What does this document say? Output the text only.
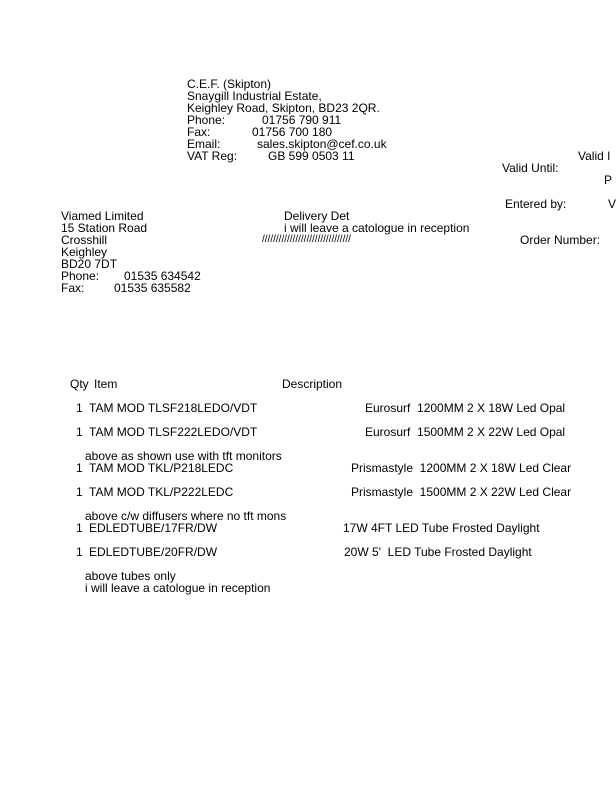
C.E.F. (Skipton)
Snaygill Industrial Estate,
Keighley Road, Skipton, BD23 2QR.
Phone:	01756 790 911
Fax:	01756 700 180
Email:	sales.skipton@cef.co.uk
VAT Reg:	GB 599 0503 11	Valid I
Valid Until:
P
Entered by:	V
Order Number:
Viamed Limited
15 Station Road
Crosshill
Keighley
BD20 7DT
Phone: 01535 634542
Fax: 01535 635582
Delivery Det
i will leave a catologue in reception
////////////////////////////////
Qty Item	Description
1 TAM MOD TLSF218LEDO/VDT	Eurosurf  1200MM 2 X 18W Led Opal
1 TAM MOD TLSF222LEDO/VDT	Eurosurf  1500MM 2 X 22W Led Opal
above as shown use with tft monitors
1 TAM MOD TKL/P218LEDC	Prismastyle  1200MM 2 X 18W Led Clear
1 TAM MOD TKL/P222LEDC	Prismastyle  1500MM 2 X 22W Led Clear
above c/w diffusers where no tft mons
1 EDLEDTUBE/17FR/DW	17W 4FT LED Tube Frosted Daylight
1 EDLEDTUBE/20FR/DW	20W 5'  LED Tube Frosted Daylight
above tubes only
i will leave a catologue in reception
